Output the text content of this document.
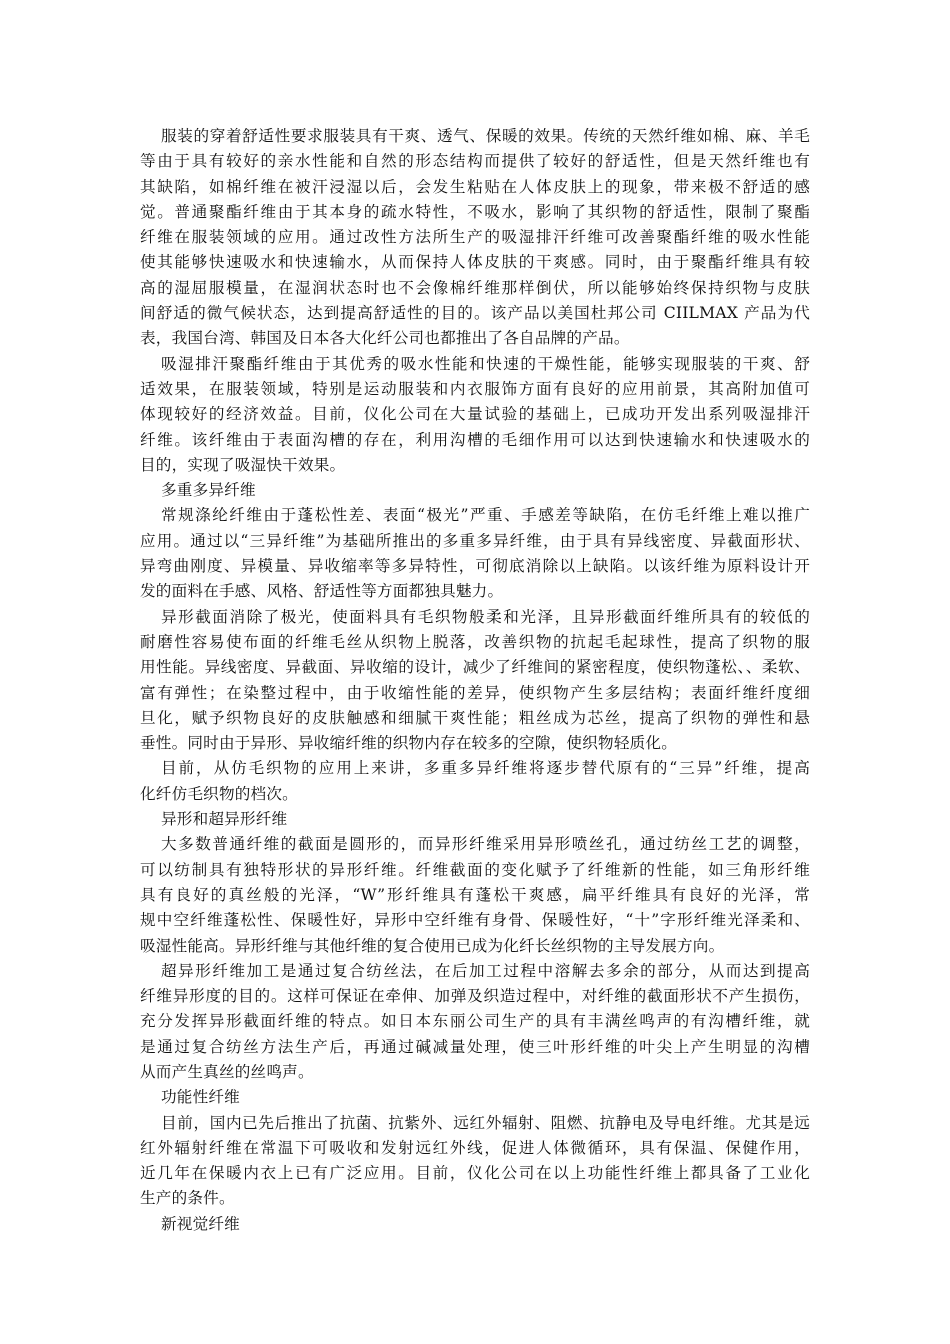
服装的穿着舒适性要求服装具有干爽、透气、保暖的效果。传统的天然纤维如棉、麻、羊毛
等由于具有较好的亲水性能和自然的形态结构而提供了较好的舒适性，但是天然纤维也有
其缺陷，如棉纤维在被汗浸湿以后，会发生粘贴在人体皮肤上的现象，带来极不舒适的感
觉。普通聚酯纤维由于其本身的疏水特性，不吸水，影响了其织物的舒适性，限制了聚酯
纤维在服装领域的应用。通过改性方法所生产的吸湿排汗纤维可改善聚酯纤维的吸水性能
使其能够快速吸水和快速输水，从而保持人体皮肤的干爽感。同时，由于聚酯纤维具有较
高的湿屈服模量，在湿润状态时也不会像棉纤维那样倒伏，所以能够始终保持织物与皮肤
间舒适的微气候状态，达到提高舒适性的目的。该产品以美国杜邦公司 CIILMAX 产品为代
表，我国台湾、韩国及日本各大化纤公司也都推出了各自品牌的产品。
吸湿排汗聚酯纤维由于其优秀的吸水性能和快速的干燥性能，能够实现服装的干爽、舒
适效果，在服装领域，特别是运动服装和内衣服饰方面有良好的应用前景，其高附加值可
体现较好的经济效益。目前，仪化公司在大量试验的基础上，已成功开发出系列吸湿排汗
纤维。该纤维由于表面沟槽的存在，利用沟槽的毛细作用可以达到快速输水和快速吸水的
目的，实现了吸湿快干效果。
多重多异纤维
常规涤纶纤维由于蓬松性差、表面“极光”严重、手感差等缺陷，在仿毛纤维上难以推广
应用。通过以“三异纤维”为基础所推出的多重多异纤维，由于具有异线密度、异截面形状、
异弯曲刚度、异模量、异收缩率等多异特性，可彻底消除以上缺陷。以该纤维为原料设计开
发的面料在手感、风格、舒适性等方面都独具魅力。
异形截面消除了极光，使面料具有毛织物般柔和光泽，且异形截面纤维所具有的较低的
耐磨性容易使布面的纤维毛丝从织物上脱落，改善织物的抗起毛起球性，提高了织物的服
用性能。异线密度、异截面、异收缩的设计，减少了纤维间的紧密程度，使织物蓬松、、柔软、
富有弹性；在染整过程中，由于收缩性能的差异，使织物产生多层结构；表面纤维纤度细
旦化，赋予织物良好的皮肤触感和细腻干爽性能；粗丝成为芯丝，提高了织物的弹性和悬
垂性。同时由于异形、异收缩纤维的织物内存在较多的空隙，使织物轻质化。
目前，从仿毛织物的应用上来讲，多重多异纤维将逐步替代原有的“三异”纤维，提高
化纤仿毛织物的档次。
异形和超异形纤维
大多数普通纤维的截面是圆形的，而异形纤维采用异形喷丝孔，通过纺丝工艺的调整，
可以纺制具有独特形状的异形纤维。纤维截面的变化赋予了纤维新的性能，如三角形纤维
具有良好的真丝般的光泽，“W”形纤维具有蓬松干爽感，扁平纤维具有良好的光泽，常
规中空纤维蓬松性、保暖性好，异形中空纤维有身骨、保暖性好，“十”字形纤维光泽柔和、
吸湿性能高。异形纤维与其他纤维的复合使用已成为化纤长丝织物的主导发展方向。
超异形纤维加工是通过复合纺丝法，在后加工过程中溶解去多余的部分，从而达到提高
纤维异形度的目的。这样可保证在牵伸、加弹及织造过程中，对纤维的截面形状不产生损伤，
充分发挥异形截面纤维的特点。如日本东丽公司生产的具有丰满丝鸣声的有沟槽纤维，就
是通过复合纺丝方法生产后，再通过碱减量处理，使三叶形纤维的叶尖上产生明显的沟槽
从而产生真丝的丝鸣声。
功能性纤维
目前，国内已先后推出了抗菌、抗紫外、远红外辐射、阻燃、抗静电及导电纤维。尤其是远
红外辐射纤维在常温下可吸收和发射远红外线，促进人体微循环，具有保温、保健作用，
近几年在保暖内衣上已有广泛应用。目前，仪化公司在以上功能性纤维上都具备了工业化
生产的条件。
新视觉纤维
